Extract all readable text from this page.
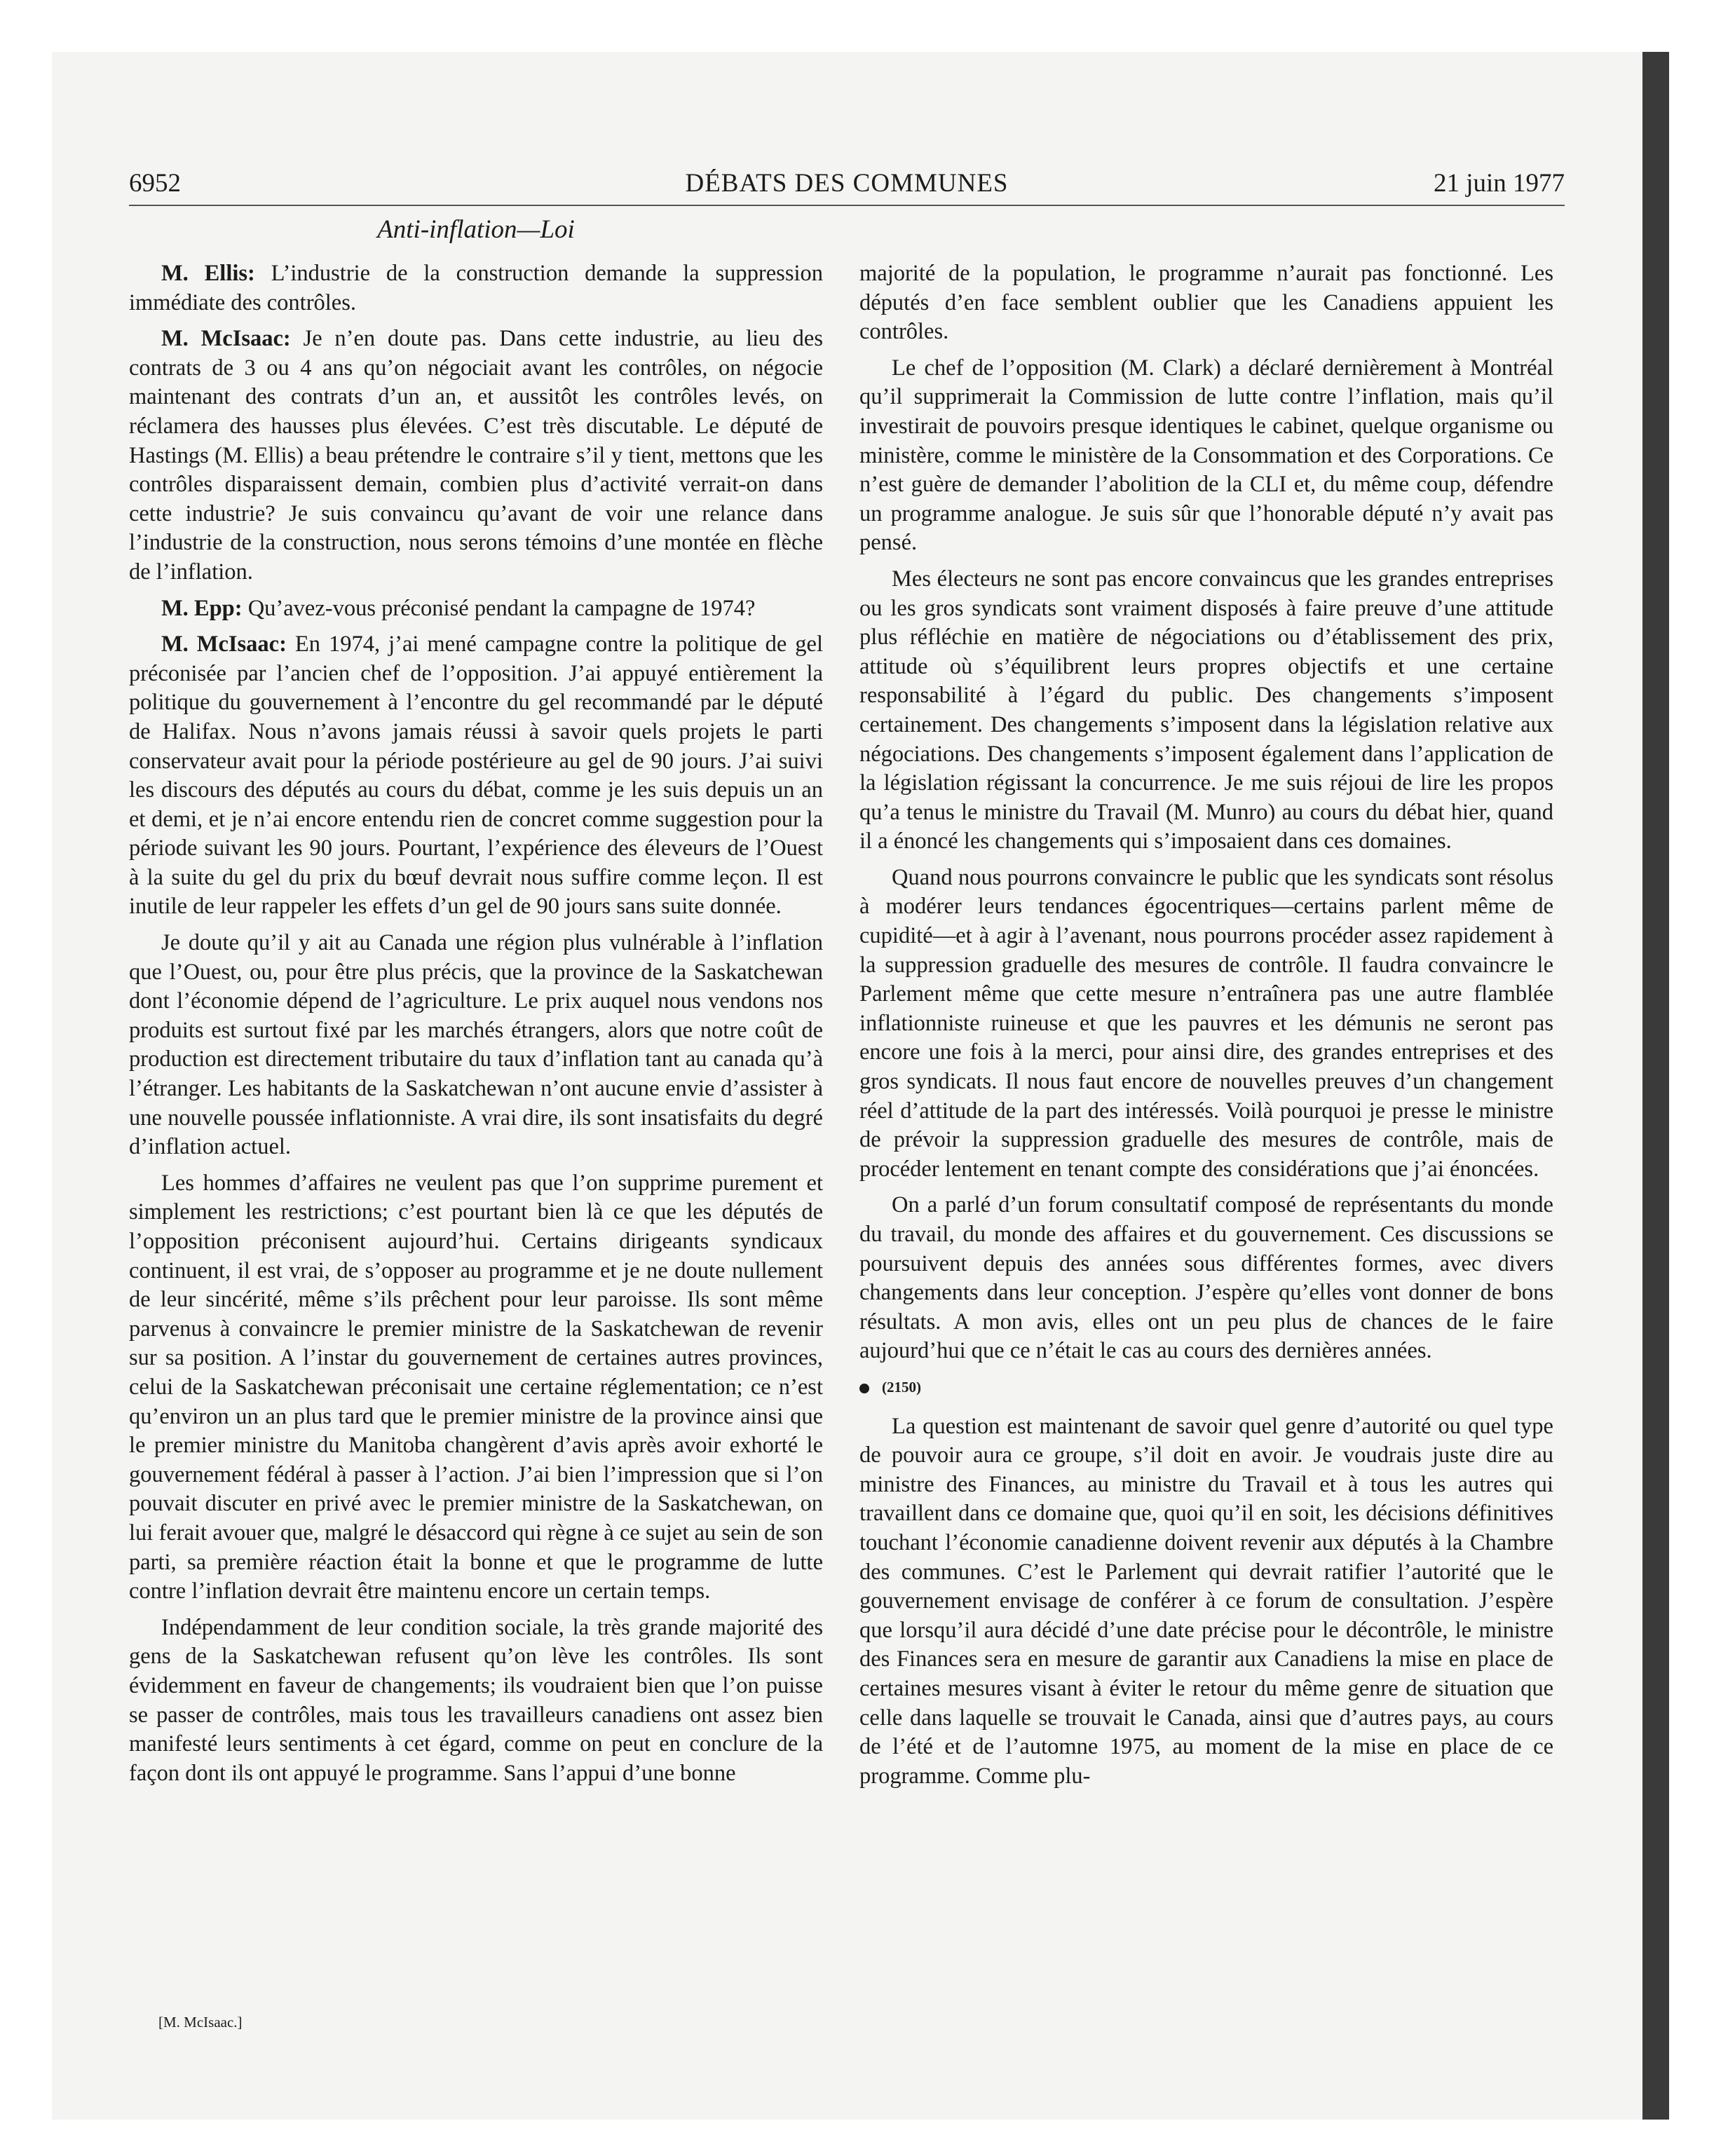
6952	DÉBATS DES COMMUNES	21 juin 1977
Anti-inflation—Loi

M. Ellis: L’industrie de la construction demande la suppression immédiate des contrôles.

M. McIsaac: Je n’en doute pas. Dans cette industrie, au lieu des contrats de 3 ou 4 ans qu’on négociait avant les contrôles, on négocie maintenant des contrats d’un an, et aussitôt les contrôles levés, on réclamera des hausses plus élevées. C’est très discutable. Le député de Hastings (M. Ellis) a beau prétendre le contraire s’il y tient, mettons que les contrôles disparaissent demain, combien plus d’activité verrait-on dans cette industrie? Je suis convaincu qu’avant de voir une relance dans l’industrie de la construction, nous serons témoins d’une montée en flèche de l’inflation.

M. Epp: Qu’avez-vous préconisé pendant la campagne de 1974?

M. McIsaac: En 1974, j’ai mené campagne contre la politique de gel préconisée par l’ancien chef de l’opposition. J’ai appuyé entièrement la politique du gouvernement à l’encontre du gel recommandé par le député de Halifax. Nous n’avons jamais réussi à savoir quels projets le parti conservateur avait pour la période postérieure au gel de 90 jours. J’ai suivi les discours des députés au cours du débat, comme je les suis depuis un an et demi, et je n’ai encore entendu rien de concret comme suggestion pour la période suivant les 90 jours. Pourtant, l’expérience des éleveurs de l’Ouest à la suite du gel du prix du bœuf devrait nous suffire comme leçon. Il est inutile de leur rappeler les effets d’un gel de 90 jours sans suite donnée.

Je doute qu’il y ait au Canada une région plus vulnérable à l’inflation que l’Ouest, ou, pour être plus précis, que la province de la Saskatchewan dont l’économie dépend de l’agriculture. Le prix auquel nous vendons nos produits est surtout fixé par les marchés étrangers, alors que notre coût de production est directement tributaire du taux d’inflation tant au canada qu’à l’étranger. Les habitants de la Saskatchewan n’ont aucune envie d’assister à une nouvelle poussée inflationniste. A vrai dire, ils sont insatisfaits du degré d’inflation actuel.

Les hommes d’affaires ne veulent pas que l’on supprime purement et simplement les restrictions; c’est pourtant bien là ce que les députés de l’opposition préconisent aujourd’hui. Certains dirigeants syndicaux continuent, il est vrai, de s’opposer au programme et je ne doute nullement de leur sincérité, même s’ils prêchent pour leur paroisse. Ils sont même parvenus à convaincre le premier ministre de la Saskatchewan de revenir sur sa position. A l’instar du gouvernement de certaines autres provinces, celui de la Saskatchewan préconisait une certaine réglementation; ce n’est qu’environ un an plus tard que le premier ministre de la province ainsi que le premier ministre du Manitoba changèrent d’avis après avoir exhorté le gouvernement fédéral à passer à l’action. J’ai bien l’impression que si l’on pouvait discuter en privé avec le premier ministre de la Saskatchewan, on lui ferait avouer que, malgré le désaccord qui règne à ce sujet au sein de son parti, sa première réaction était la bonne et que le programme de lutte contre l’inflation devrait être maintenu encore un certain temps.

Indépendamment de leur condition sociale, la très grande majorité des gens de la Saskatchewan refusent qu’on lève les contrôles. Ils sont évidemment en faveur de changements; ils voudraient bien que l’on puisse se passer de contrôles, mais tous les travailleurs canadiens ont assez bien manifesté leurs sentiments à cet égard, comme on peut en conclure de la façon dont ils ont appuyé le programme. Sans l’appui d’une bonne

[M. McIsaac.]

majorité de la population, le programme n’aurait pas fonctionné. Les députés d’en face semblent oublier que les Canadiens appuient les contrôles.

Le chef de l’opposition (M. Clark) a déclaré dernièrement à Montréal qu’il supprimerait la Commission de lutte contre l’inflation, mais qu’il investirait de pouvoirs presque identiques le cabinet, quelque organisme ou ministère, comme le ministère de la Consommation et des Corporations. Ce n’est guère de demander l’abolition de la CLI et, du même coup, défendre un programme analogue. Je suis sûr que l’honorable député n’y avait pas pensé.

Mes électeurs ne sont pas encore convaincus que les grandes entreprises ou les gros syndicats sont vraiment disposés à faire preuve d’une attitude plus réfléchie en matière de négociations ou d’établissement des prix, attitude où s’équilibrent leurs propres objectifs et une certaine responsabilité à l’égard du public. Des changements s’imposent certainement. Des changements s’imposent dans la législation relative aux négociations. Des changements s’imposent également dans l’application de la législation régissant la concurrence. Je me suis réjoui de lire les propos qu’a tenus le ministre du Travail (M. Munro) au cours du débat hier, quand il a énoncé les changements qui s’imposaient dans ces domaines.

Quand nous pourrons convaincre le public que les syndicats sont résolus à modérer leurs tendances égocentriques—certains parlent même de cupidité—et à agir à l’avenant, nous pourrons procéder assez rapidement à la suppression graduelle des mesures de contrôle. Il faudra convaincre le Parlement même que cette mesure n’entraînera pas une autre flamblée inflationniste ruineuse et que les pauvres et les démunis ne seront pas encore une fois à la merci, pour ainsi dire, des grandes entreprises et des gros syndicats. Il nous faut encore de nouvelles preuves d’un changement réel d’attitude de la part des intéressés. Voilà pourquoi je presse le ministre de prévoir la suppression graduelle des mesures de contrôle, mais de procéder lentement en tenant compte des considérations que j’ai énoncées.

On a parlé d’un forum consultatif composé de représentants du monde du travail, du monde des affaires et du gouvernement. Ces discussions se poursuivent depuis des années sous différentes formes, avec divers changements dans leur conception. J’espère qu’elles vont donner de bons résultats. A mon avis, elles ont un peu plus de chances de le faire aujourd’hui que ce n’était le cas au cours des dernières années.

(2150)

La question est maintenant de savoir quel genre d’autorité ou quel type de pouvoir aura ce groupe, s’il doit en avoir. Je voudrais juste dire au ministre des Finances, au ministre du Travail et à tous les autres qui travaillent dans ce domaine que, quoi qu’il en soit, les décisions définitives touchant l’économie canadienne doivent revenir aux députés à la Chambre des communes. C’est le Parlement qui devrait ratifier l’autorité que le gouvernement envisage de conférer à ce forum de consultation. J’espère que lorsqu’il aura décidé d’une date précise pour le décontrôle, le ministre des Finances sera en mesure de garantir aux Canadiens la mise en place de certaines mesures visant à éviter le retour du même genre de situation que celle dans laquelle se trouvait le Canada, ainsi que d’autres pays, au cours de l’été et de l’automne 1975, au moment de la mise en place de ce programme. Comme plu-
